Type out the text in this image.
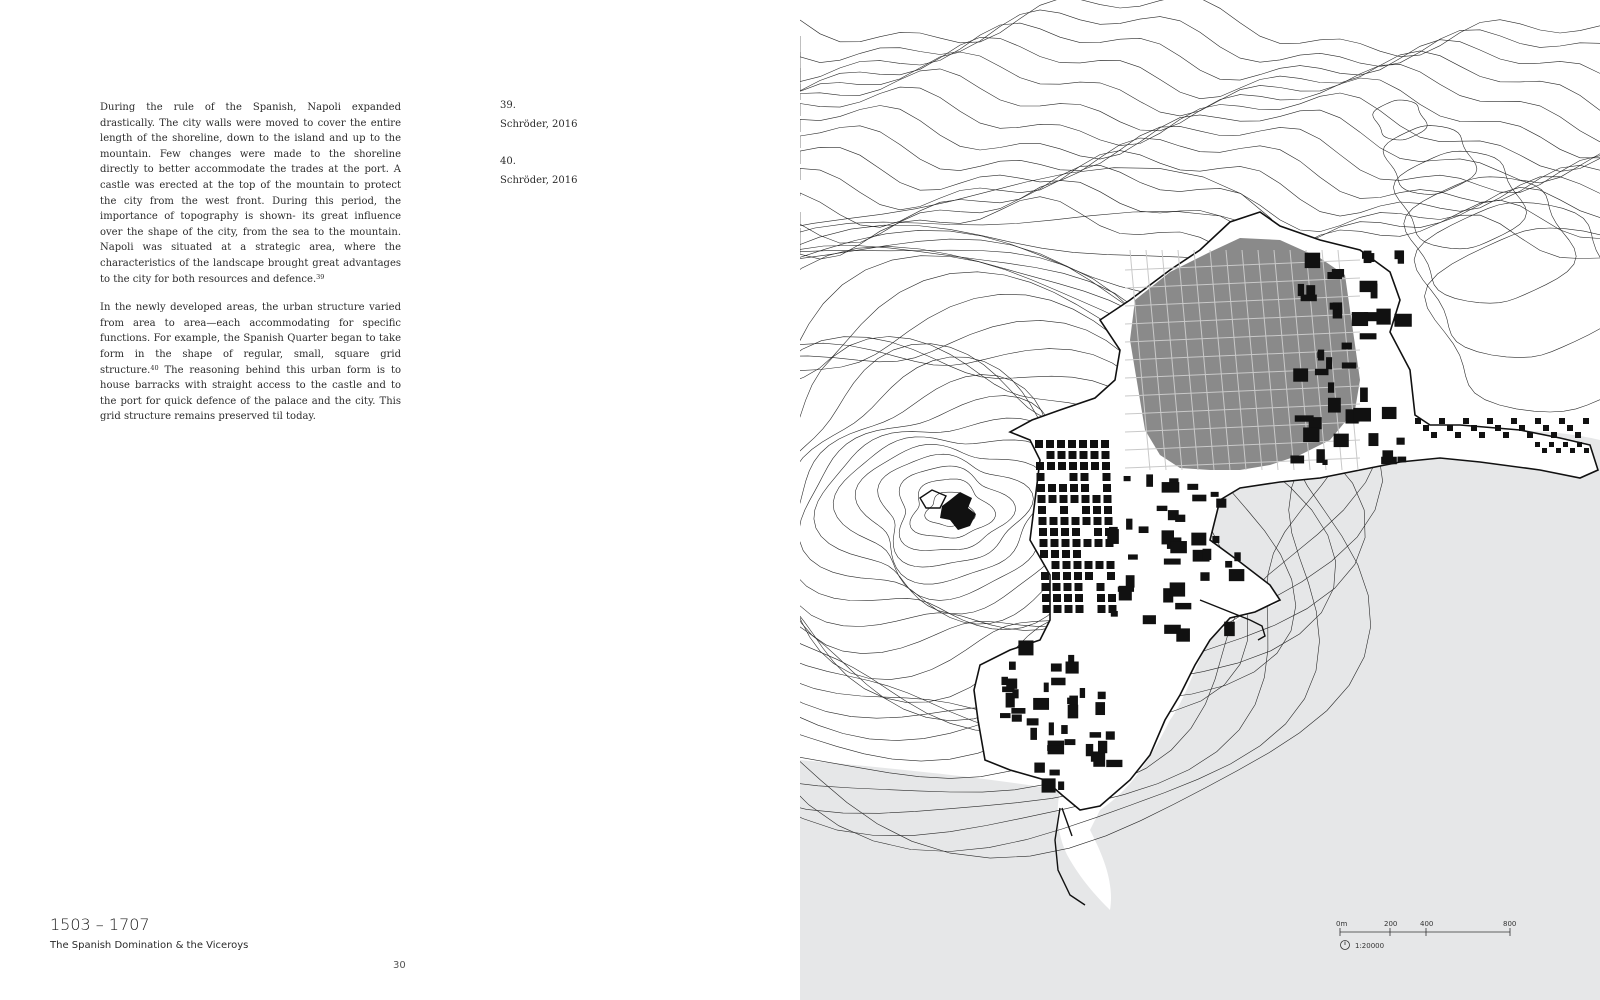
During the rule of the Spanish, Napoli expanded drastically. The city walls were moved to cover the entire length of the shoreline, down to the island and up to the mountain. Few changes were made to the shoreline directly to better accommodate the trades at the port. A castle was erected at the top of the mountain to protect the city from the west front. During this period, the importance of topography is shown- its great influence over the shape of the city, from the sea to the mountain. Napoli was situated at a strategic area, where the characteristics of the landscape brought great advantages to the city for both resources and defence.$^{39}$

In the newly developed areas, the urban structure varied from area to area—each accommodating for specific functions. For example, the Spanish Quarter began to take form in the shape of regular, small, square grid structure.$^{40}$ The reasoning behind this urban form is to house barracks with straight access to the castle and to the port for quick defence of the palace and the city. This grid structure remains preserved til today.

39.
Schröder, 2016
40.
Schröder, 2016
1503 – 1707
The Spanish Domination & the Viceroys
30
0m	200	400	800
1:20000
